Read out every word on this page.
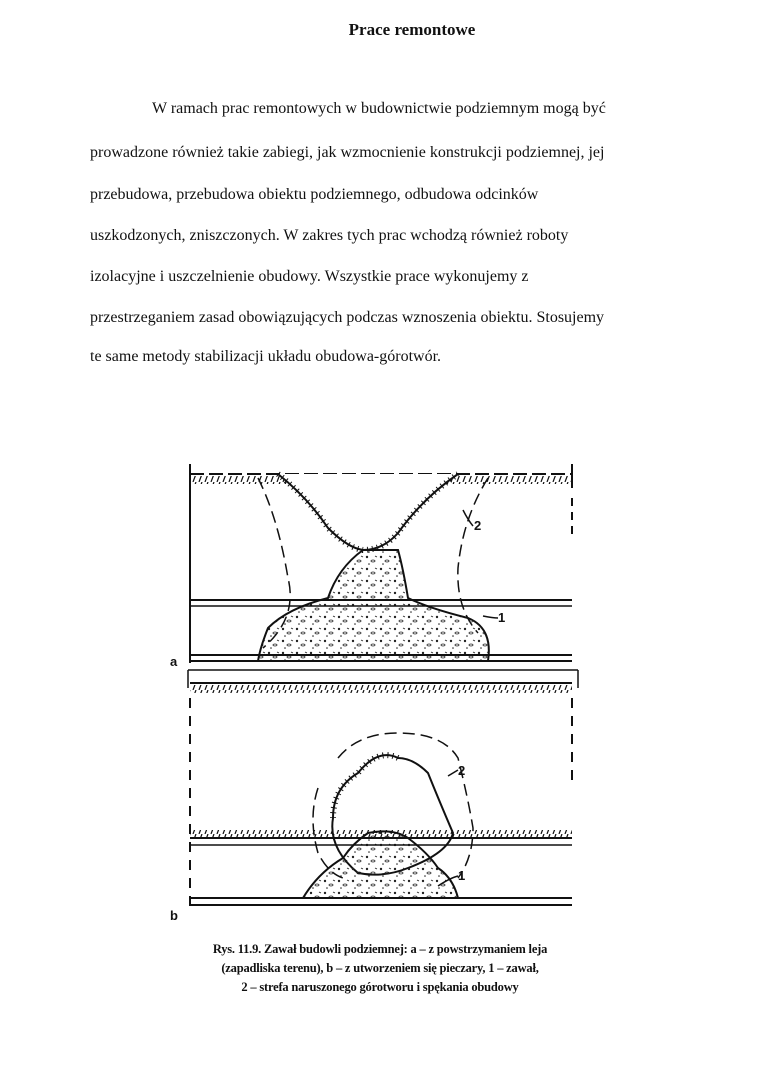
Prace remontowe
W ramach prac remontowych w budownictwie podziemnym mogą być
prowadzone również takie zabiegi, jak wzmocnienie konstrukcji podziemnej, jej
przebudowa, przebudowa obiektu podziemnego, odbudowa odcinków
uszkodzonych, zniszczonych. W zakres tych prac wchodzą również roboty
izolacyjne i uszczelnienie obudowy. Wszystkie prace wykonujemy z
przestrzeganiem zasad obowiązujących podczas wznoszenia obiektu. Stosujemy
te same metody stabilizacji układu obudowa-górotwór.
a
b
2
1
2
1
Rys. 11.9. Zawał budowli podziemnej: a – z powstrzymaniem leja
(zapadliska terenu), b – z utworzeniem się pieczary, 1 – zawał,
2 – strefa naruszonego górotworu i spękania obudowy
